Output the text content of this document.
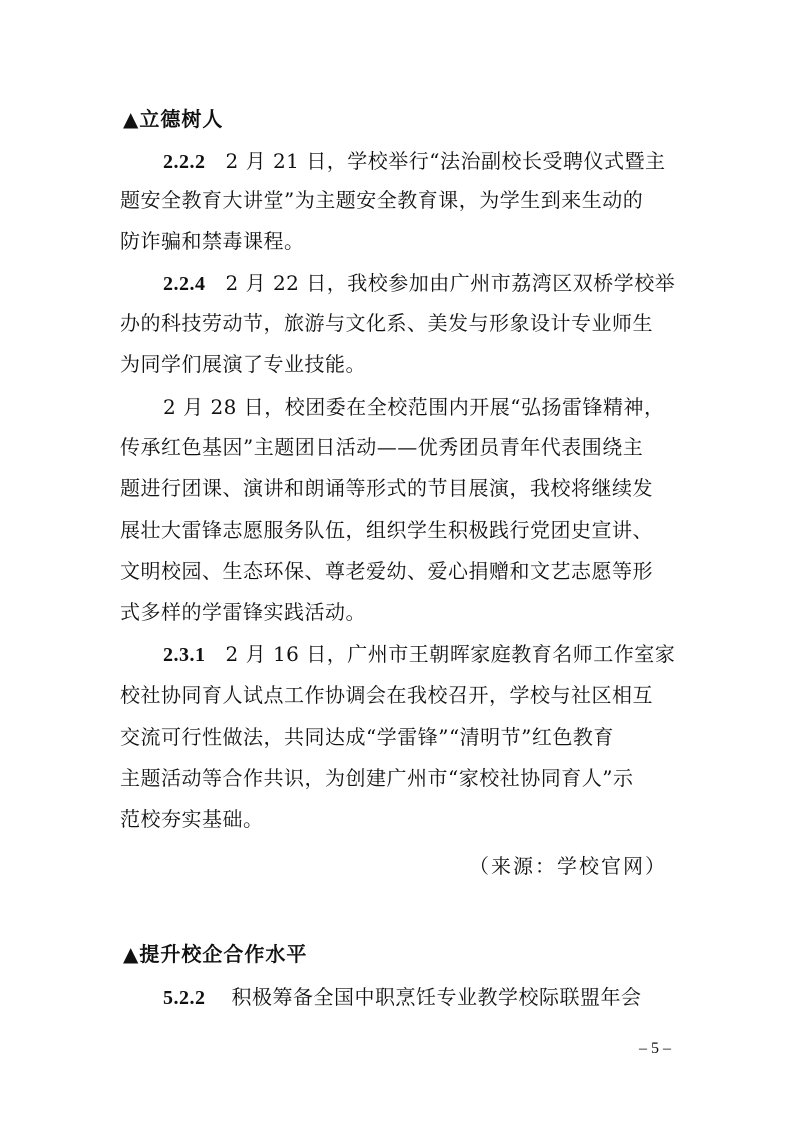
▲立德树人
2.2.2 2 月 21 日，学校举行“法治副校长受聘仪式暨主
题安全教育大讲堂”为主题安全教育课，为学生到来生动的
防诈骗和禁毒课程。
2.2.4 2 月 22 日，我校参加由广州市荔湾区双桥学校举
办的科技劳动节，旅游与文化系、美发与形象设计专业师生
为同学们展演了专业技能。
2 月 28 日，校团委在全校范围内开展“弘扬雷锋精神，
传承红色基因”主题团日活动——优秀团员青年代表围绕主
题进行团课、演讲和朗诵等形式的节目展演，我校将继续发
展壮大雷锋志愿服务队伍，组织学生积极践行党团史宣讲、
文明校园、生态环保、尊老爱幼、爱心捐赠和文艺志愿等形
式多样的学雷锋实践活动。
2.3.1 2 月 16 日，广州市王朝晖家庭教育名师工作室家
校社协同育人试点工作协调会在我校召开，学校与社区相互
交流可行性做法，共同达成“学雷锋”“清明节”红色教育
主题活动等合作共识，为创建广州市“家校社协同育人”示
范校夯实基础。
（来源：学校官网）
▲提升校企合作水平
5.2.2 积极筹备全国中职烹饪专业教学校际联盟年会
– 5 –
